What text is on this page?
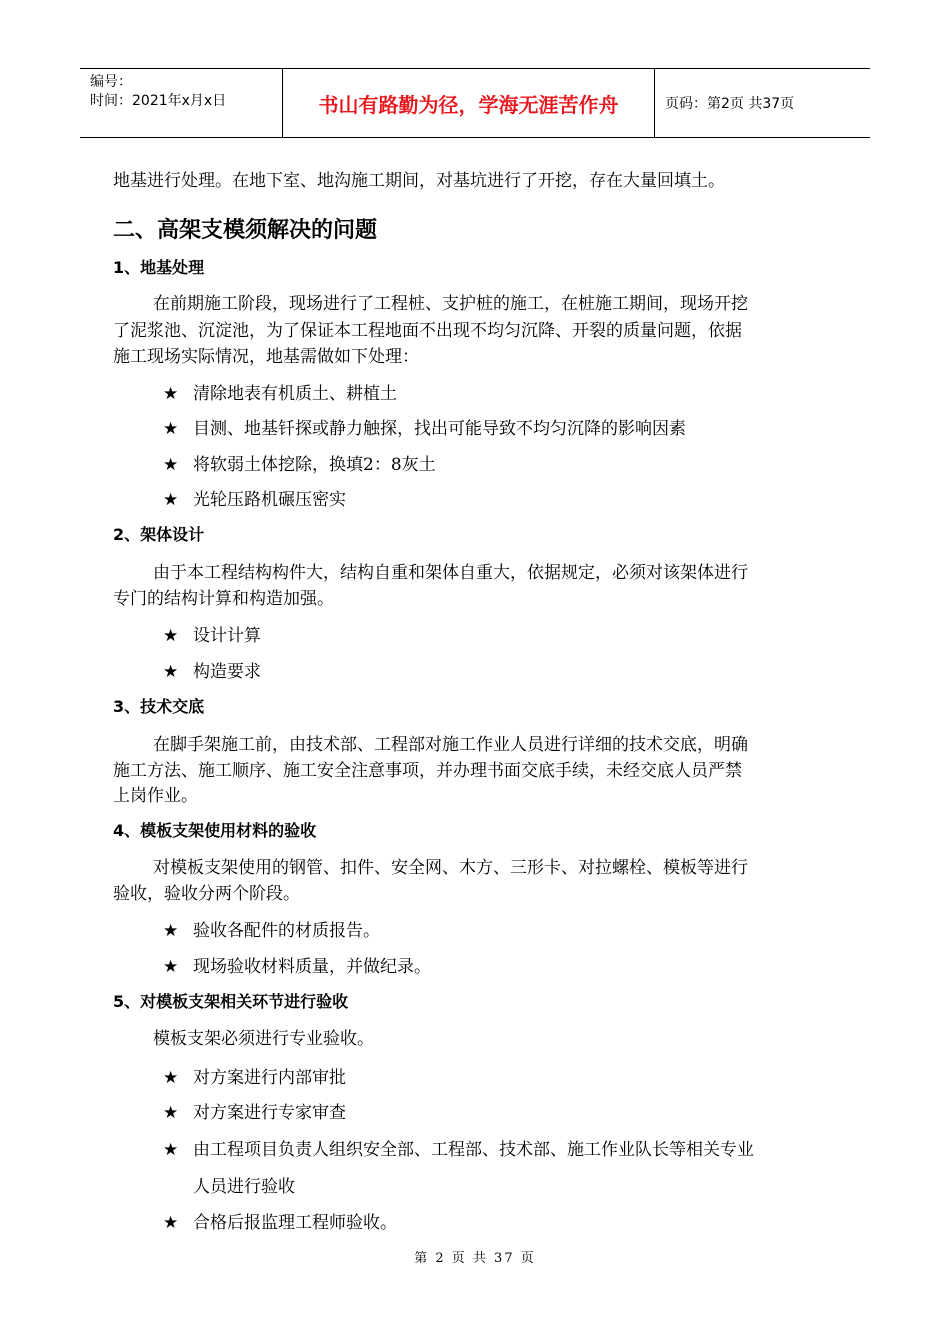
编号：
时间：2021年x月x日	书山有路勤为径，学海无涯苦作舟	页码：第2页 共37页
地基进行处理。在地下室、地沟施工期间，对基坑进行了开挖，存在大量回填土。
二、高架支模须解决的问题
1、地基处理
在前期施工阶段，现场进行了工程桩、支护桩的施工，在桩施工期间，现场开挖
了泥浆池、沉淀池，为了保证本工程地面不出现不均匀沉降、开裂的质量问题，依据
施工现场实际情况，地基需做如下处理：
★ 清除地表有机质土、耕植土
★ 目测、地基钎探或静力触探，找出可能导致不均匀沉降的影响因素
★ 将软弱土体挖除，换填2：8灰土
★ 光轮压路机碾压密实
2、架体设计
由于本工程结构构件大，结构自重和架体自重大，依据规定，必须对该架体进行
专门的结构计算和构造加强。
★ 设计计算
★ 构造要求
3、技术交底
在脚手架施工前，由技术部、工程部对施工作业人员进行详细的技术交底，明确
施工方法、施工顺序、施工安全注意事项，并办理书面交底手续，未经交底人员严禁
上岗作业。
4、模板支架使用材料的验收
对模板支架使用的钢管、扣件、安全网、木方、三形卡、对拉螺栓、模板等进行
验收，验收分两个阶段。
★ 验收各配件的材质报告。
★ 现场验收材料质量，并做纪录。
5、对模板支架相关环节进行验收
模板支架必须进行专业验收。
★ 对方案进行内部审批
★ 对方案进行专家审查
★ 由工程项目负责人组织安全部、工程部、技术部、施工作业队长等相关专业
人员进行验收
★ 合格后报监理工程师验收。
第 2 页 共 37 页
